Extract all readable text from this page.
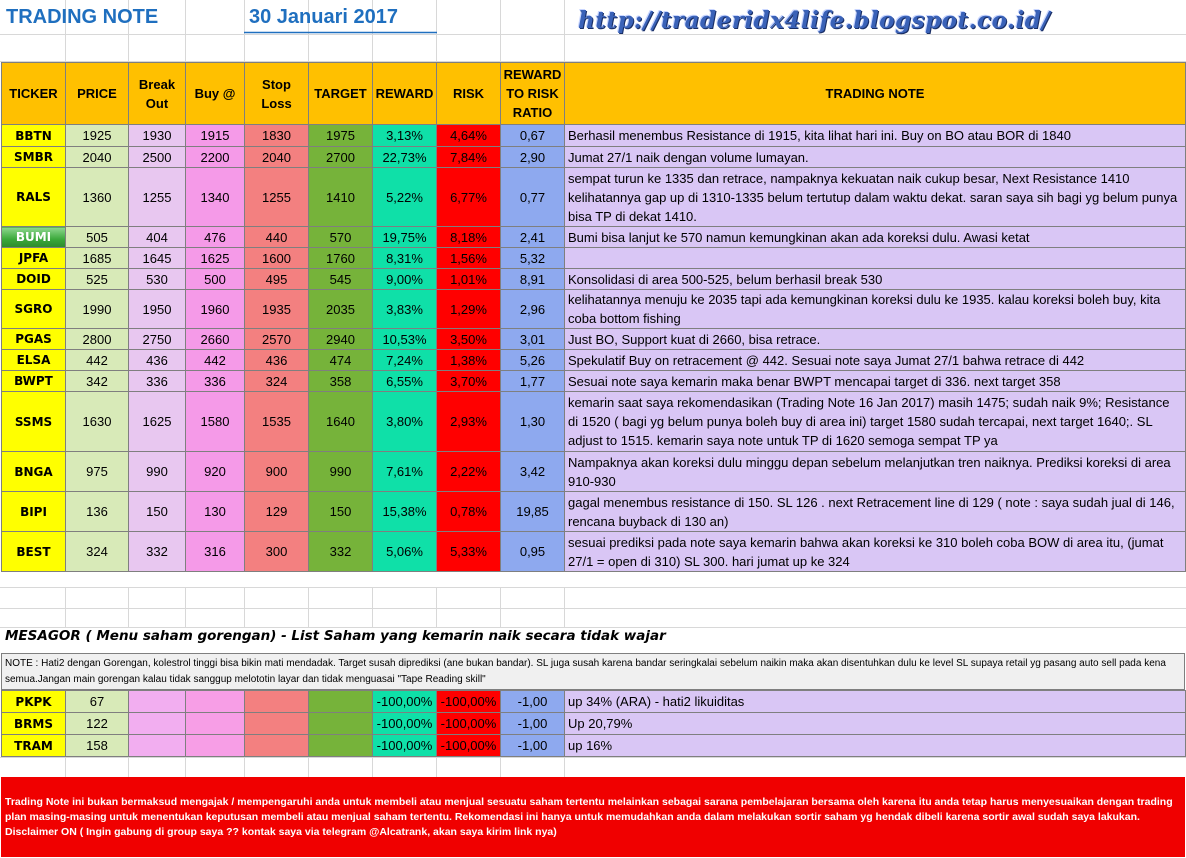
TRADING NOTE	30 Januari 2017	http://traderidx4life.blogspot.co.id/
TICKER	PRICE	Break Out	Buy @	Stop Loss	TARGET	REWARD	RISK	REWARD TO RISK RATIO	TRADING NOTE
BBTN	1925	1930	1915	1830	1975	3,13%	4,64%	0,67	Berhasil menembus Resistance di 1915, kita lihat hari ini. Buy on BO atau BOR di 1840
SMBR	2040	2500	2200	2040	2700	22,73%	7,84%	2,90	Jumat 27/1 naik dengan volume lumayan.
RALS	1360	1255	1340	1255	1410	5,22%	6,77%	0,77	sempat turun ke 1335 dan retrace, nampaknya kekuatan naik cukup besar, Next Resistance 1410 kelihatannya gap up di 1310-1335 belum tertutup dalam waktu dekat. saran saya sih bagi yg belum punya bisa TP di dekat 1410.
BUMI	505	404	476	440	570	19,75%	8,18%	2,41	Bumi bisa lanjut ke 570 namun kemungkinan akan ada koreksi dulu. Awasi ketat
JPFA	1685	1645	1625	1600	1760	8,31%	1,56%	5,32	
DOID	525	530	500	495	545	9,00%	1,01%	8,91	Konsolidasi di area 500-525, belum berhasil break 530
SGRO	1990	1950	1960	1935	2035	3,83%	1,29%	2,96	kelihatannya menuju ke 2035 tapi ada kemungkinan koreksi dulu ke 1935. kalau koreksi boleh buy, kita coba bottom fishing
PGAS	2800	2750	2660	2570	2940	10,53%	3,50%	3,01	Just BO, Support kuat di 2660, bisa retrace.
ELSA	442	436	442	436	474	7,24%	1,38%	5,26	Spekulatif Buy on retracement @ 442. Sesuai note saya Jumat 27/1 bahwa retrace di 442
BWPT	342	336	336	324	358	6,55%	3,70%	1,77	Sesuai note saya kemarin maka benar BWPT mencapai target di 336. next target 358
SSMS	1630	1625	1580	1535	1640	3,80%	2,93%	1,30	kemarin saat saya rekomendasikan (Trading Note 16 Jan 2017) masih 1475; sudah naik 9%; Resistance di 1520 ( bagi yg belum punya boleh buy di area ini) target 1580 sudah tercapai, next target 1640;. SL adjust to 1515. kemarin saya note untuk TP di 1620 semoga sempat TP ya
BNGA	975	990	920	900	990	7,61%	2,22%	3,42	Nampaknya akan koreksi dulu minggu depan sebelum melanjutkan tren naiknya. Prediksi koreksi di area 910-930
BIPI	136	150	130	129	150	15,38%	0,78%	19,85	gagal menembus resistance di 150. SL 126 . next Retracement line di 129 ( note : saya sudah jual di 146, rencana buyback di 130 an)
BEST	324	332	316	300	332	5,06%	5,33%	0,95	sesuai prediksi pada note saya kemarin bahwa akan koreksi ke 310 boleh coba BOW di area itu, (jumat 27/1 = open di 310) SL 300. hari jumat up ke 324
MESAGOR ( Menu saham gorengan) - List Saham yang kemarin naik secara tidak wajar
NOTE : Hati2 dengan Gorengan, kolestrol tinggi bisa bikin mati mendadak. Target susah diprediksi (ane bukan bandar). SL juga susah karena bandar seringkalai sebelum naikin maka akan disentuhkan dulu ke level SL supaya retail yg pasang auto sell pada kena semua.Jangan main gorengan kalau tidak sanggup melototin layar dan tidak menguasai "Tape Reading skill"
PKPK	67					-100,00%	-100,00%	-1,00	up 34% (ARA) - hati2 likuiditas
BRMS	122					-100,00%	-100,00%	-1,00	Up 20,79%
TRAM	158					-100,00%	-100,00%	-1,00	up 16%
Trading Note ini bukan bermaksud mengajak / mempengaruhi anda untuk membeli atau menjual sesuatu saham tertentu melainkan sebagai sarana pembelajaran bersama oleh karena itu anda tetap harus menyesuaikan dengan trading plan masing-masing untuk menentukan keputusan membeli atau menjual saham tertentu. Rekomendasi ini hanya untuk memudahkan anda dalam melakukan sortir saham yg hendak dibeli karena sortir awal sudah saya lakukan. Disclaimer ON ( Ingin gabung di group saya ?? kontak saya via telegram @Alcatrank, akan saya kirim link nya)
